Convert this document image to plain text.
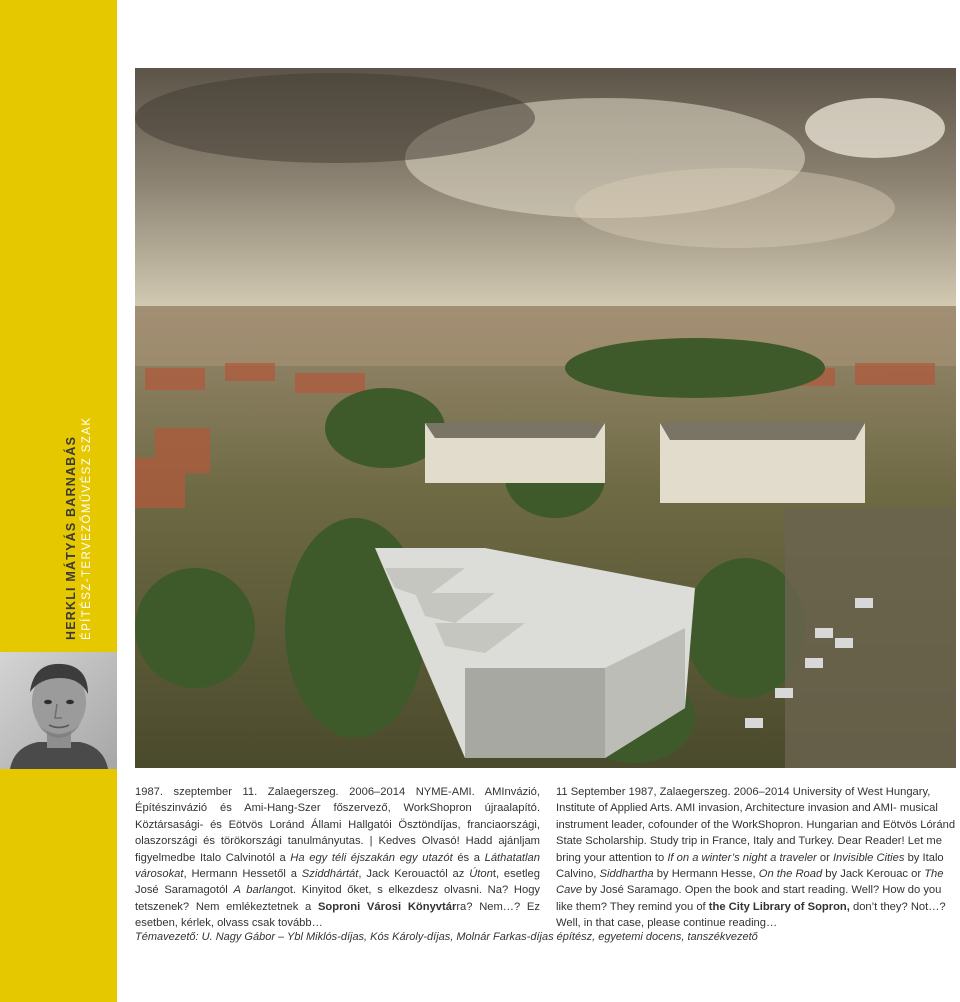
HERKLI MÁTYÁS BARNABÁS ÉPÍTÉSZ-TERVEZŐMŰVÉSZ SZAK

1987. szeptember 11. Zalaegerszeg. 2006–2014 NYME-AMI. AMInvázió, Építészinvázió és Ami-Hang-Szer főszervező, WorkShopron újraalapító. Köztársasági- és Eötvös Loránd Állami Hallgatói Ösztöndíjas, franciaországi, olaszországi és törökországi tanulmányutas. | Kedves Olvasó! Hadd ajánljam figyelmedbe Italo Calvinotól a Ha egy téli éjszakán egy utazót és a Láthatatlan városokat, Hermann Hessetől a Sziddhártát, Jack Kerouactól az Útont, esetleg José Saramagotól A barlangot. Kinyitod őket, s elkezdesz olvasni. Na? Hogy tetszenek? Nem emlékeztetnek a Soproni Városi Könyvtárra? Nem…? Ez esetben, kérlek, olvass csak tovább…

11 September 1987, Zalaegerszeg. 2006–2014 University of West Hungary, Institute of Applied Arts. AMI invasion, Architecture invasion and AMI- musical instrument leader, cofounder of the WorkShopron. Hungarian and Eötvös Lóránd State Scholarship. Study trip in France, Italy and Turkey. Dear Reader! Let me bring your attention to If on a winter’s night a traveler or Invisible Cities by Italo Calvino, Siddhartha by Hermann Hesse, On the Road by Jack Kerouac or The Cave by José Saramago. Open the book and start reading. Well? How do you like them? They remind you of the City Library of Sopron, don’t they? Not…? Well, in that case, please continue reading…

Témavezető: U. Nagy Gábor – Ybl Miklós-díjas, Kós Károly-díjas, Molnár Farkas-díjas építész, egyetemi docens, tanszékvezető
